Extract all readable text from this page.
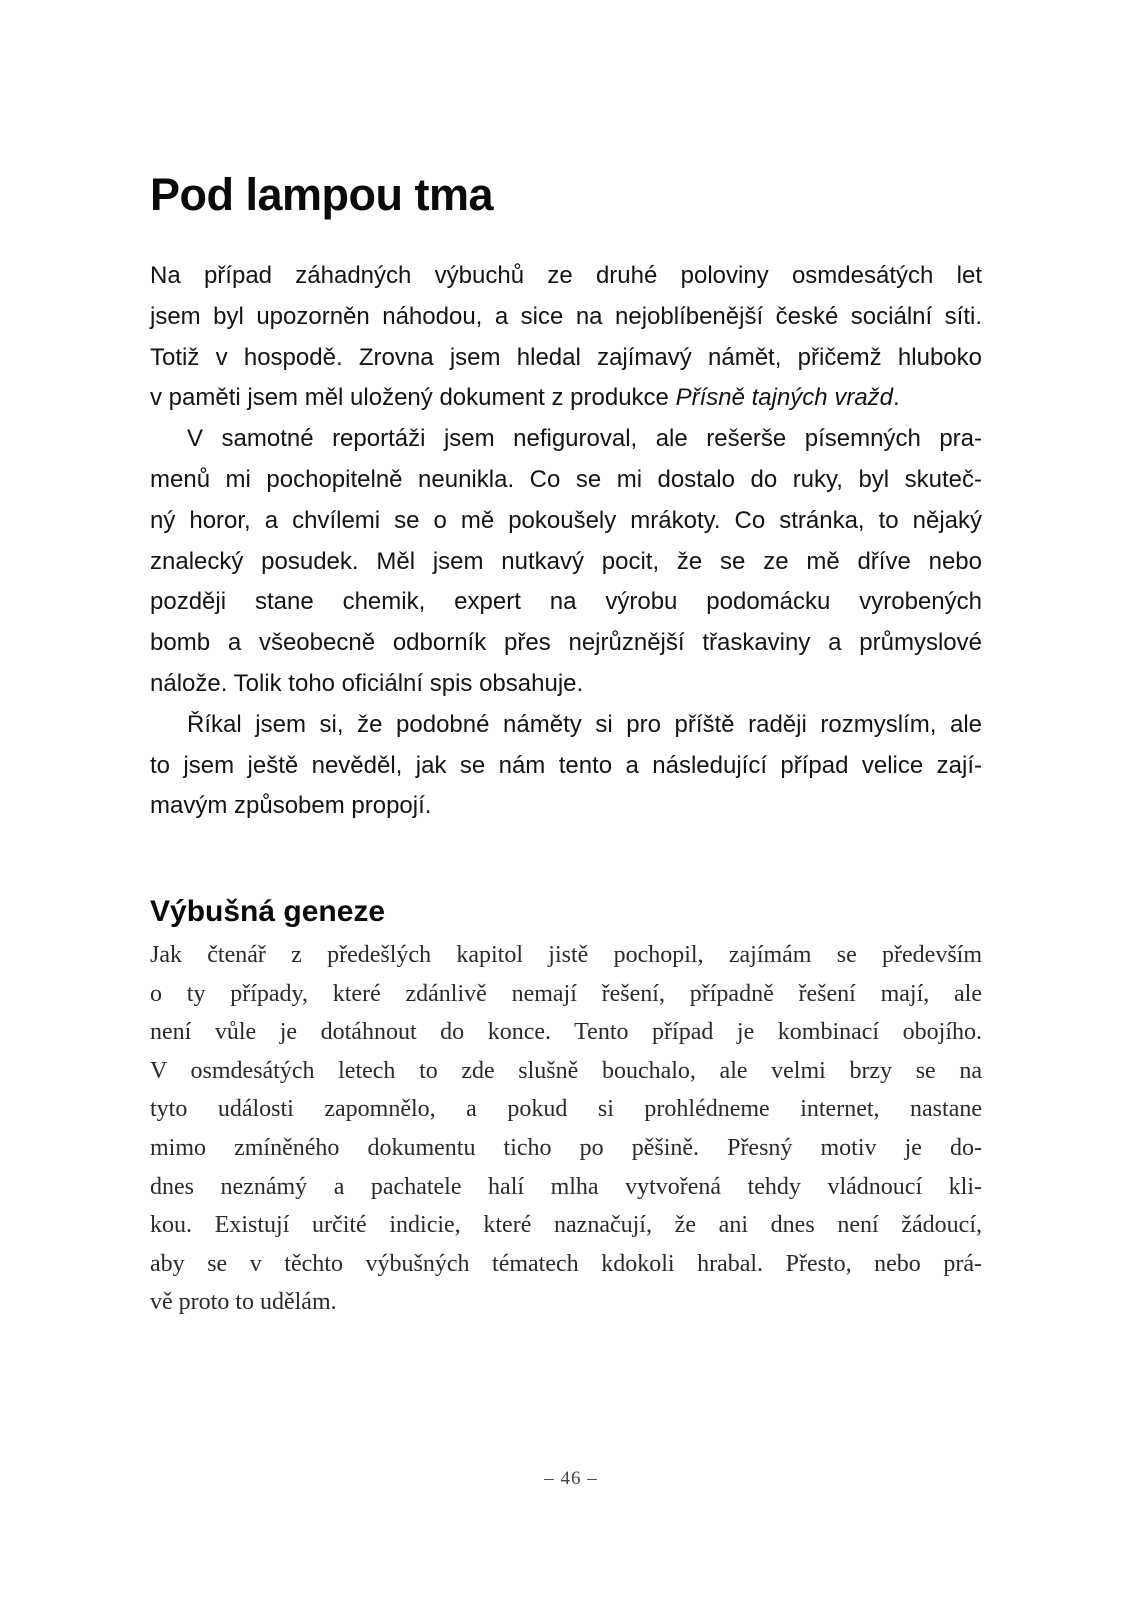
Pod lampou tma
Na případ záhadných výbuchů ze druhé poloviny osmdesátých let
jsem byl upozorněn náhodou, a sice na nejoblíbenější české sociální síti.
Totiž v hospodě. Zrovna jsem hledal zajímavý námět, přičemž hluboko
v paměti jsem měl uložený dokument z produkce Přísně tajných vražd.
V samotné reportáži jsem nefiguroval, ale rešerše písemných pra-
menů mi pochopitelně neunikla. Co se mi dostalo do ruky, byl skuteč-
ný horor, a chvílemi se o mě pokoušely mrákoty. Co stránka, to nějaký
znalecký posudek. Měl jsem nutkavý pocit, že se ze mě dříve nebo
později stane chemik, expert na výrobu podomácku vyrobených
bomb a všeobecně odborník přes nejrůznější třaskaviny a průmyslové
nálože. Tolik toho oficiální spis obsahuje.
Říkal jsem si, že podobné náměty si pro příště raději rozmyslím, ale
to jsem ještě nevěděl, jak se nám tento a následující případ velice zají-
mavým způsobem propojí.
Výbušná geneze
Jak čtenář z předešlých kapitol jistě pochopil, zajímám se především
o ty případy, které zdánlivě nemají řešení, případně řešení mají, ale
není vůle je dotáhnout do konce. Tento případ je kombinací obojího.
V osmdesátých letech to zde slušně bouchalo, ale velmi brzy se na
tyto události zapomnělo, a pokud si prohlédneme internet, nastane
mimo zmíněného dokumentu ticho po pěšině. Přesný motiv je do-
dnes neznámý a pachatele halí mlha vytvořená tehdy vládnoucí kli-
kou. Existují určité indicie, které naznačují, že ani dnes není žádoucí,
aby se v těchto výbušných tématech kdokoli hrabal. Přesto, nebo prá-
vě proto to udělám.
– 46 –
